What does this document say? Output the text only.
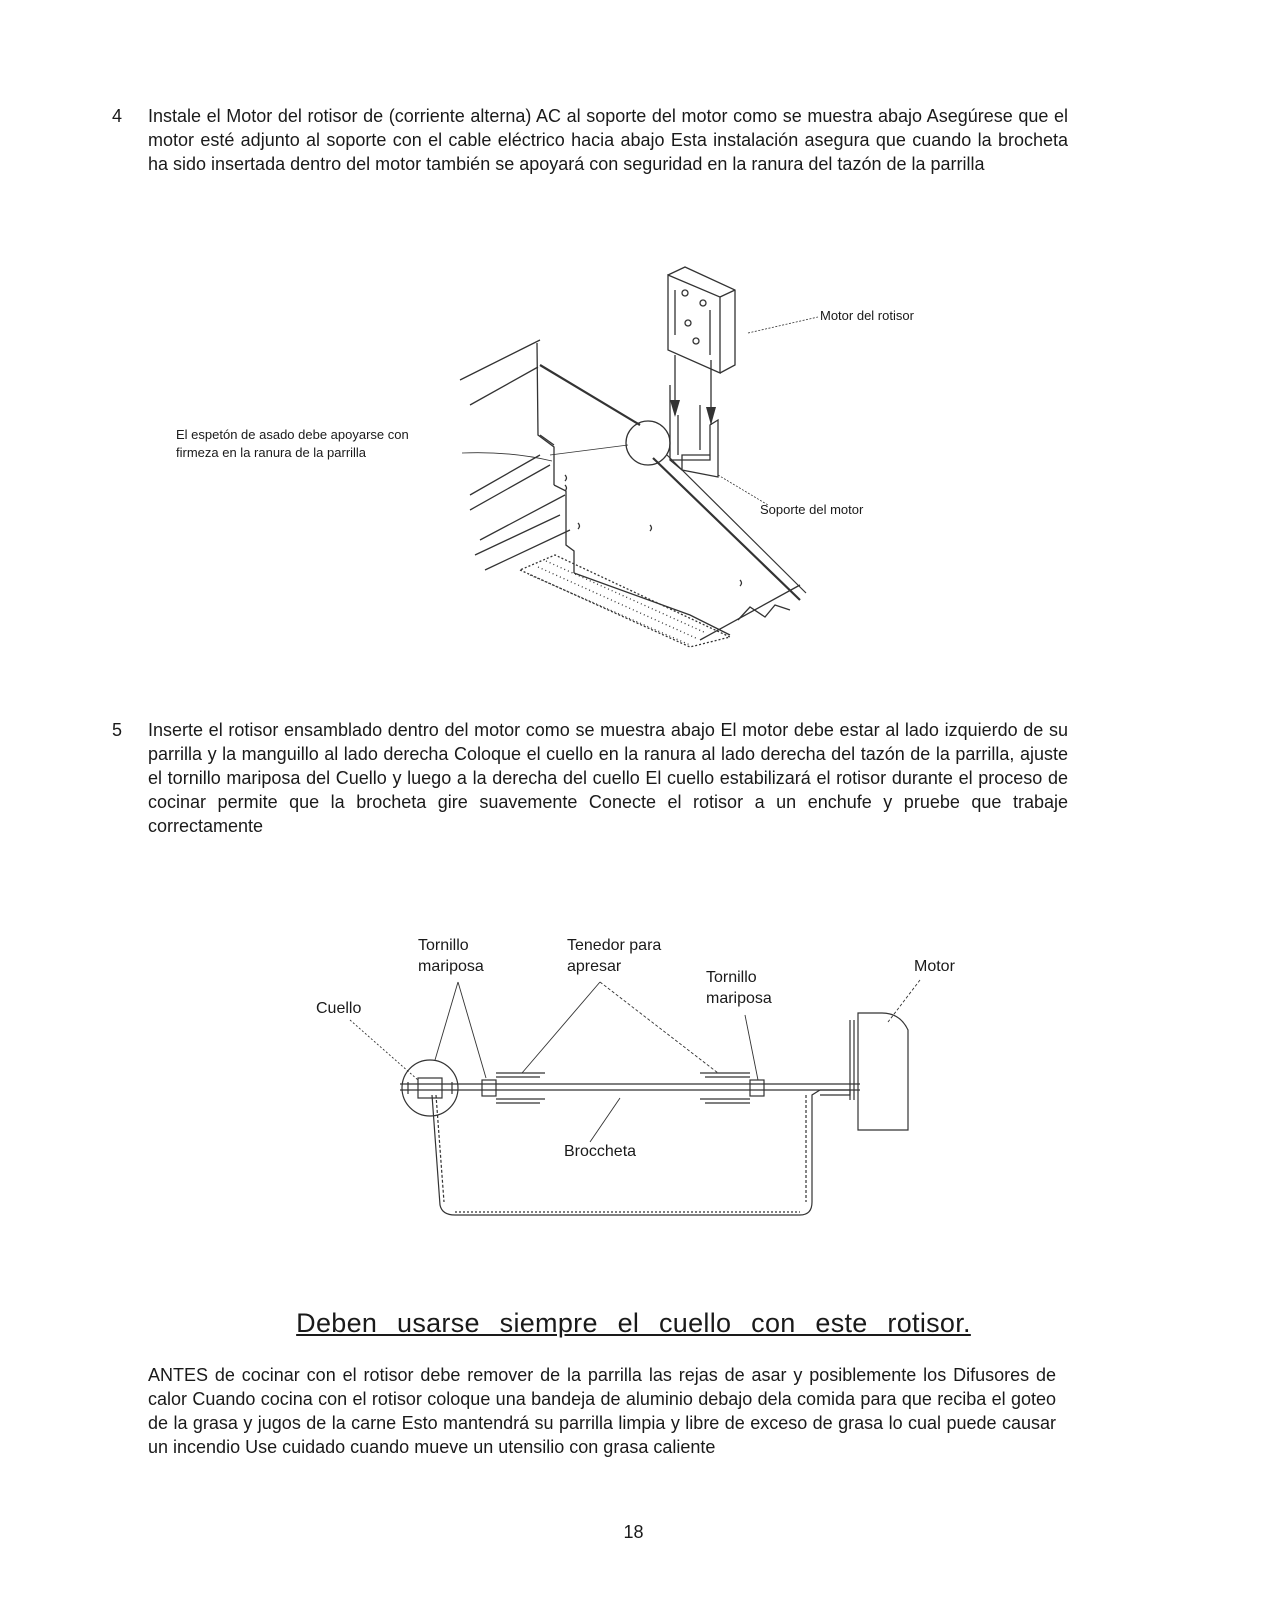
4 Instale el Motor del rotisor de (corriente alterna) AC al soporte del motor como se muestra abajo Asegúrese que el motor esté adjunto al soporte con el cable eléctrico hacia abajo Esta instalación asegura que cuando la brocheta ha sido insertada dentro del motor también se apoyará con seguridad en la ranura del tazón de la parrilla
Motor del rotisor
El espetón de asado debe apoyarse con
firmeza en la ranura de la parrilla
Soporte del motor
5 Inserte el rotisor ensamblado dentro del motor como se muestra abajo El motor debe estar al lado izquierdo de su parrilla y la manguillo al lado derecha Coloque el cuello en la ranura al lado derecha del tazón de la parrilla, ajuste el tornillo mariposa del Cuello y luego a la derecha del cuello El cuello estabilizará el rotisor durante el proceso de cocinar permite que la brocheta gire suavemente Conecte el rotisor a un enchufe y pruebe que trabaje correctamente
Tornillo
mariposa
Tenedor para
apresar
Tornillo
mariposa
Motor
Cuello
Broccheta
Deben usarse siempre el cuello con este rotisor.
ANTES de cocinar con el rotisor debe remover de la parrilla las rejas de asar y posiblemente los Difusores de calor Cuando cocina con el rotisor coloque una bandeja de aluminio debajo dela comida para que reciba el goteo de la grasa y jugos de la carne Esto mantendrá su parrilla limpia y libre de exceso de grasa lo cual puede causar un incendio Use cuidado cuando mueve un utensilio con grasa caliente
18
